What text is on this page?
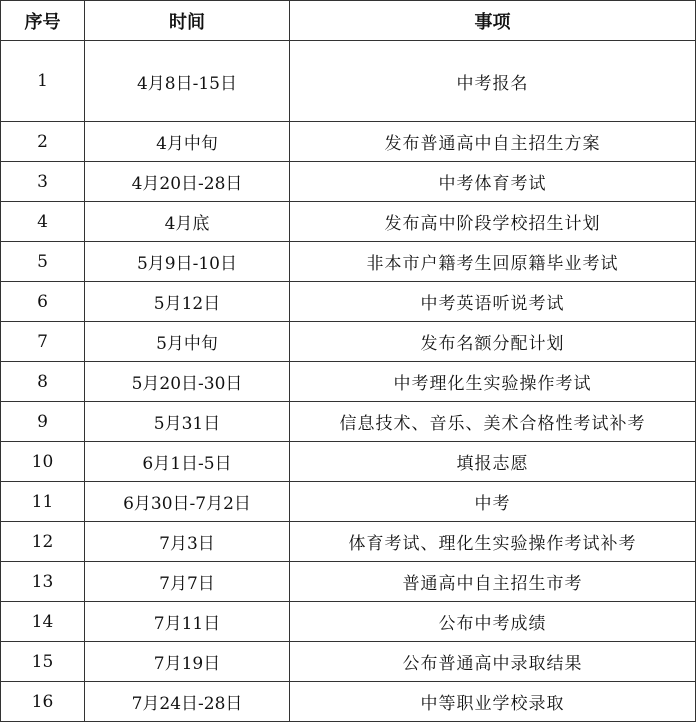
序号	时间	事项
1	4月8日-15日	中考报名
2	4月中旬	发布普通高中自主招生方案
3	4月20日-28日	中考体育考试
4	4月底	发布高中阶段学校招生计划
5	5月9日-10日	非本市户籍考生回原籍毕业考试
6	5月12日	中考英语听说考试
7	5月中旬	发布名额分配计划
8	5月20日-30日	中考理化生实验操作考试
9	5月31日	信息技术、音乐、美术合格性考试补考
10	6月1日-5日	填报志愿
11	6月30日-7月2日	中考
12	7月3日	体育考试、理化生实验操作考试补考
13	7月7日	普通高中自主招生市考
14	7月11日	公布中考成绩
15	7月19日	公布普通高中录取结果
16	7月24日-28日	中等职业学校录取
